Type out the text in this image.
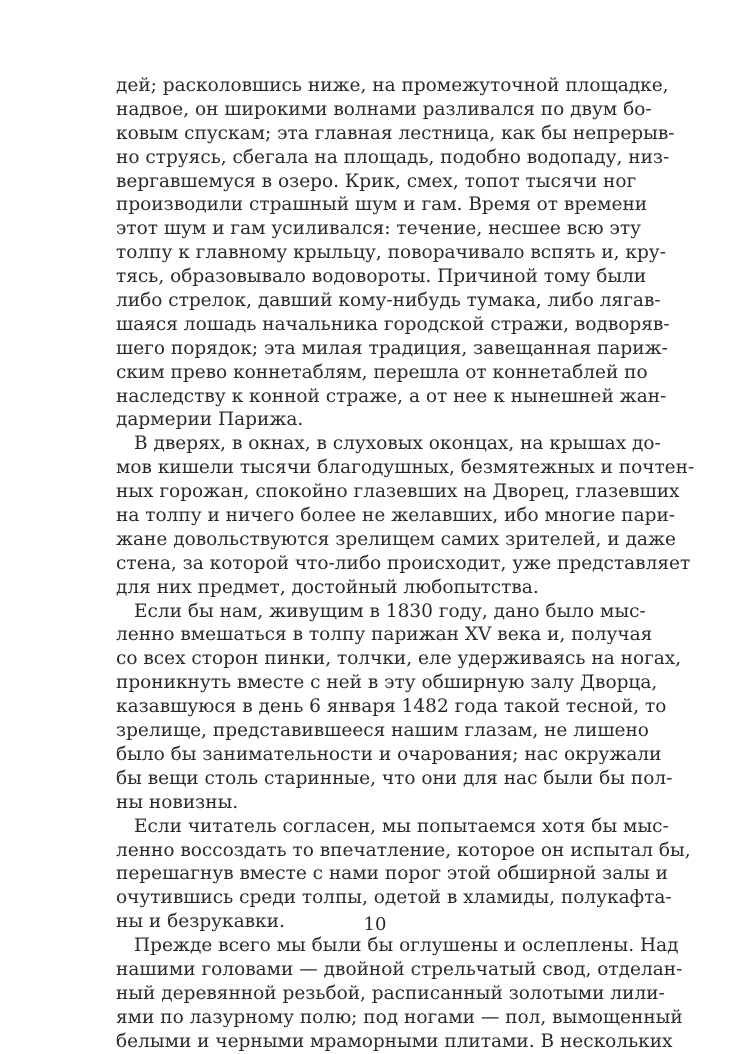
дей; расколовшись ниже, на промежуточной площадке,
надвое, он широкими волнами разливался по двум бо-
ковым спускам; эта главная лестница, как бы непрерыв-
но струясь, сбегала на площадь, подобно водопаду, низ-
вергавшемуся в озеро. Крик, смех, топот тысячи ног
производили страшный шум и гам. Время от времени
этот шум и гам усиливался: течение, несшее всю эту
толпу к главному крыльцу, поворачивало вспять и, кру-
тясь, образовывало водовороты. Причиной тому были
либо стрелок, давший кому-нибудь тумака, либо лягав-
шаяся лошадь начальника городской стражи, водворяв-
шего порядок; эта милая традиция, завещанная париж-
ским прево коннетаблям, перешла от коннетаблей по
наследству к конной страже, а от нее к нынешней жан-
дармерии Парижа.
В дверях, в окнах, в слуховых оконцах, на крышах до-
мов кишели тысячи благодушных, безмятежных и почтен-
ных горожан, спокойно глазевших на Дворец, глазевших
на толпу и ничего более не желавших, ибо многие пари-
жане довольствуются зрелищем самих зрителей, и даже
стена, за которой что-либо происходит, уже представляет
для них предмет, достойный любопытства.
Если бы нам, живущим в 1830 году, дано было мыс-
ленно вмешаться в толпу парижан XV века и, получая
со всех сторон пинки, толчки, еле удерживаясь на ногах,
проникнуть вместе с ней в эту обширную залу Дворца,
казавшуюся в день 6 января 1482 года такой тесной, то
зрелище, представившееся нашим глазам, не лишено
было бы занимательности и очарования; нас окружали
бы вещи столь старинные, что они для нас были бы пол-
ны новизны.
Если читатель согласен, мы попытаемся хотя бы мыс-
ленно воссоздать то впечатление, которое он испытал бы,
перешагнув вместе с нами порог этой обширной залы и
очутившись среди толпы, одетой в хламиды, полукафта-
ны и безрукавки.
Прежде всего мы были бы оглушены и ослеплены. Над
нашими головами — двойной стрельчатый свод, отделан-
ный деревянной резьбой, расписанный золотыми лили-
ями по лазурному полю; под ногами — пол, вымощенный
белыми и черными мраморными плитами. В нескольких
10
